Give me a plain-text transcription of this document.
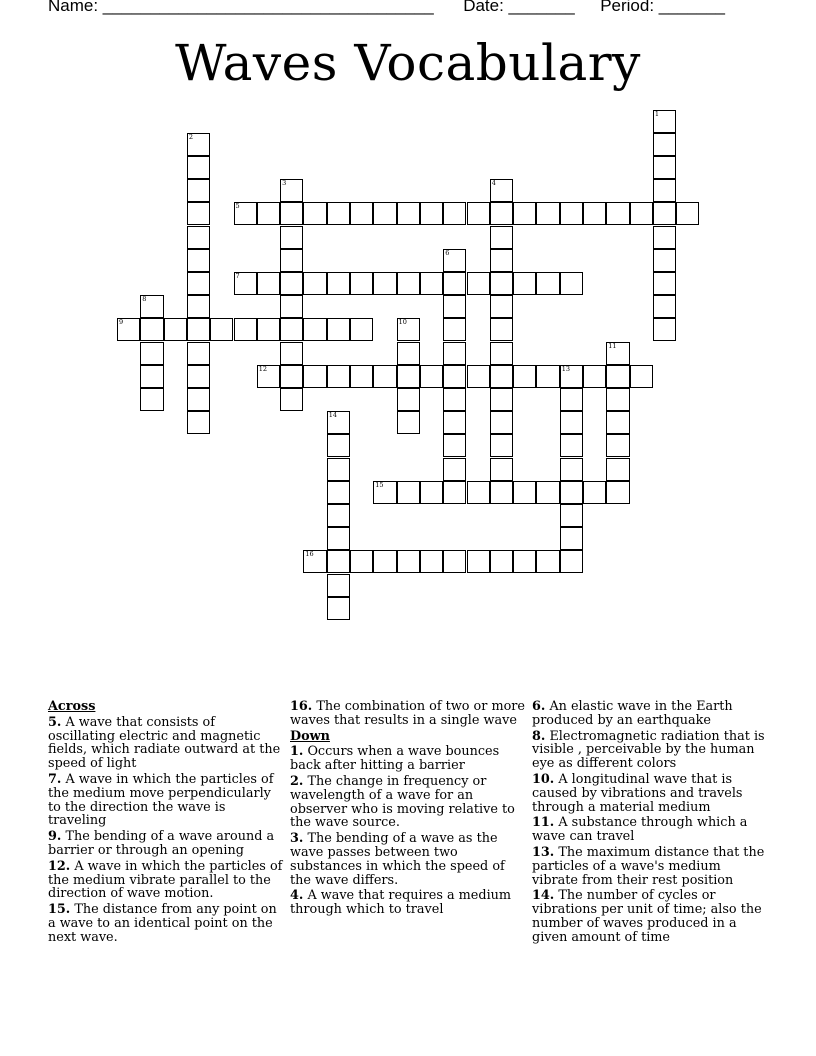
Name: ___________________________________ Date: _______ Period: _______
Waves Vocabulary
1
2
3	4
5
6
7
8
9	10
11
12	13
14
15
16
Across
5. A wave that consists of oscillating electric and magnetic fields, which radiate outward at the speed of light
7. A wave in which the particles of the medium move perpendicularly to the direction the wave is traveling
9. The bending of a wave around a barrier or through an opening
12. A wave in which the particles of the medium vibrate parallel to the direction of wave motion.
15. The distance from any point on a wave to an identical point on the next wave.
16. The combination of two or more waves that results in a single wave
Down
1. Occurs when a wave bounces back after hitting a barrier
2. The change in frequency or wavelength of a wave for an observer who is moving relative to the wave source.
3. The bending of a wave as the wave passes between two substances in which the speed of the wave differs.
4. A wave that requires a medium through which to travel
6. An elastic wave in the Earth produced by an earthquake
8. Electromagnetic radiation that is visible , perceivable by the human eye as different colors
10. A longitudinal wave that is caused by vibrations and travels through a material medium
11. A substance through which a wave can travel
13. The maximum distance that the particles of a wave's medium vibrate from their rest position
14. The number of cycles or vibrations per unit of time; also the number of waves produced in a given amount of time
